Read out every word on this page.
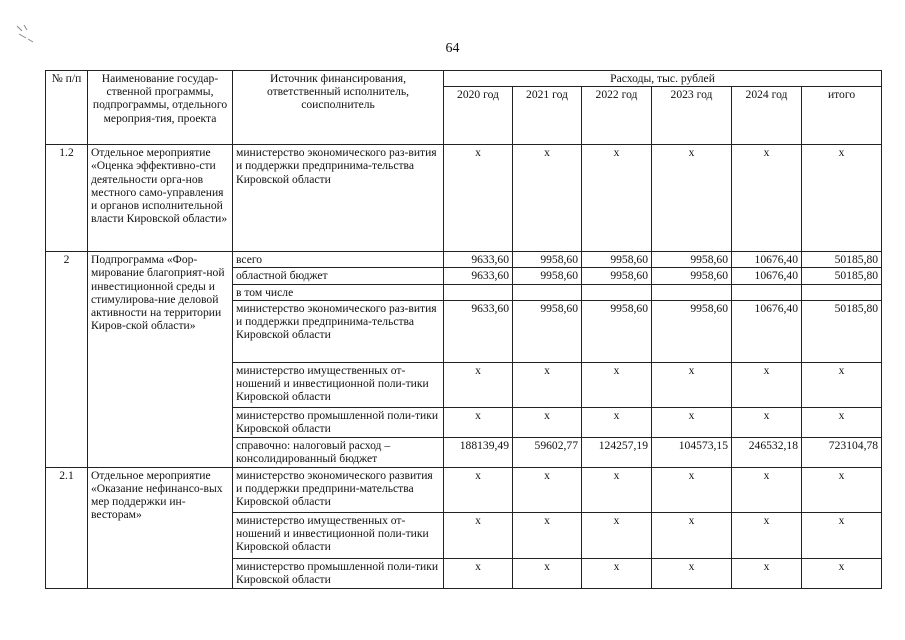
64
№ п/п	Наименование государ-ственной программы, подпрограммы, отдельного мероприя-тия, проекта	Источник финансирования, ответственный исполнитель, соисполнитель	Расходы, тыс. рублей					
			2020 год	2021 год	2022 год	2023 год	2024 год	итого
1.2	Отдельное мероприятие «Оценка эффективно-сти деятельности орга-нов местного само-управления и органов исполнительной власти Кировской области»	министерство экономического раз-вития и поддержки предпринима-тельства Кировской области	х	х	х	х	х	х
2	Подпрограмма «Фор-мирование благоприят-ной инвестиционной среды и стимулирова-ние деловой активности на территории Киров-ской области»	всего	9633,60	9958,60	9958,60	9958,60	10676,40	50185,80
		областной бюджет	9633,60	9958,60	9958,60	9958,60	10676,40	50185,80
		в том числе						
		министерство экономического раз-вития и поддержки предпринима-тельства Кировской области	9633,60	9958,60	9958,60	9958,60	10676,40	50185,80
		министерство имущественных от-ношений и инвестиционной поли-тики Кировской области	х	х	х	х	х	х
		министерство промышленной поли-тики Кировской области	х	х	х	х	х	х
		справочно: налоговый расход – консолидированный бюджет	188139,49	59602,77	124257,19	104573,15	246532,18	723104,78
2.1	Отдельное мероприятие «Оказание нефинансо-вых мер поддержки ин-весторам»	министерство экономического развития и поддержки предприни-мательства Кировской области	х	х	х	х	х	х
		министерство имущественных от-ношений и инвестиционной поли-тики Кировской области	х	х	х	х	х	х
		министерство промышленной поли-тики Кировской области	х	х	х	х	х	х
